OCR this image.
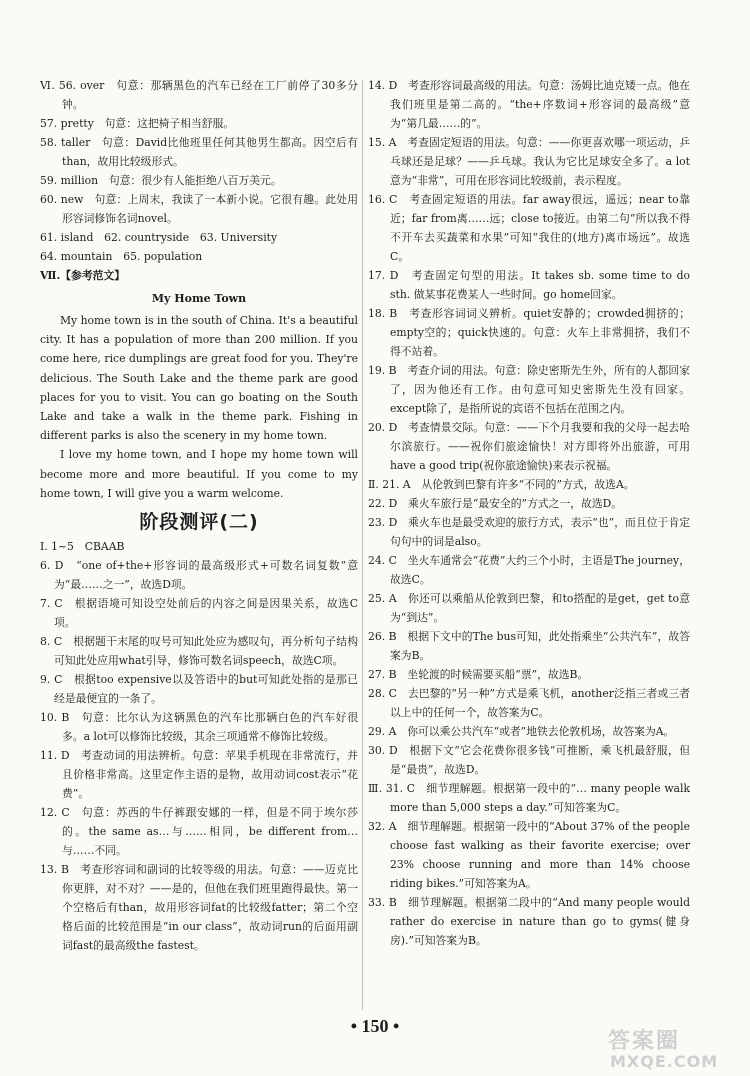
Ⅵ. 56. over　句意：那辆黑色的汽车已经在工厂前停了30多分钟。

57. pretty　句意：这把椅子相当舒服。

58. taller　句意：David比他班里任何其他男生都高。因空后有than，故用比较级形式。

59. million　句意：很少有人能拒绝八百万美元。

60. new　句意：上周末，我读了一本新小说。它很有趣。此处用形容词修饰名词novel。

61. island　62. countryside　63. University

64. mountain　65. population

Ⅶ.【参考范文】

My Home Town

My home town is in the south of China. It's a beautiful city. It has a population of more than 200 million. If you come here, rice dumplings are great food for you. They're delicious. The South Lake and the theme park are good places for you to visit. You can go boating on the South Lake and take a walk in the theme park. Fishing in different parks is also the scenery in my home town.

I love my home town, and I hope my home town will become more and more beautiful. If you come to my home town, I will give you a warm welcome.

阶段测评(二)

Ⅰ. 1~5　CBAAB

6. D　“one of+the+形容词的最高级形式+可数名词复数”意为“最……之一”，故选D项。

7. C　根据语境可知设空处前后的内容之间是因果关系，故选C项。

8. C　根据题干末尾的叹号可知此处应为感叹句，再分析句子结构可知此处应用what引导，修饰可数名词speech，故选C项。

9. C　根据too expensive以及答语中的but可知此处指的是那已经是最便宜的一条了。

10. B　句意：比尔认为这辆黑色的汽车比那辆白色的汽车好很多。a lot可以修饰比较级，其余三项通常不修饰比较级。

11. D　考查动词的用法辨析。句意：苹果手机现在非常流行，并且价格非常高。这里定作主语的是物，故用动词cost表示“花费”。

12. C　句意：苏西的牛仔裤跟安娜的一样，但是不同于埃尔莎的。the same as…与……相同，be different from…与……不同。

13. B　考查形容词和副词的比较等级的用法。句意：——迈克比你更胖，对不对？——是的，但他在我们班里跑得最快。第一个空格后有than，故用形容词fat的比较级fatter；第二个空格后面的比较范围是“in our class”，故动词run的后面用副词fast的最高级the fastest。

14. D　考查形容词最高级的用法。句意：汤姆比迪克矮一点。他在我们班里是第二高的。“the+序数词+形容词的最高级”意为“第几最……的”。

15. A　考查固定短语的用法。句意：——你更喜欢哪一项运动，乒乓球还是足球？——乒乓球。我认为它比足球安全多了。a lot意为“非常”，可用在形容词比较级前，表示程度。

16. C　考查固定短语的用法。far away很远，遥远；near to靠近；far from离……远；close to接近。由第二句“所以我不得不开车去买蔬菜和水果”可知“我住的(地方)离市场远”。故选C。

17. D　考查固定句型的用法。It takes sb. some time to do sth. 做某事花费某人一些时间。go home回家。

18. B　考查形容词词义辨析。quiet安静的；crowded拥挤的；empty空的；quick快速的。句意：火车上非常拥挤，我们不得不站着。

19. B　考查介词的用法。句意：除史密斯先生外，所有的人都回家了，因为他还有工作。由句意可知史密斯先生没有回家。except除了，是指所说的宾语不包括在范围之内。

20. D　考查情景交际。句意：——下个月我要和我的父母一起去哈尔滨旅行。——祝你们旅途愉快！对方即将外出旅游，可用have a good trip(祝你旅途愉快)来表示祝福。

Ⅱ. 21. A　从伦敦到巴黎有许多“不同的”方式，故选A。

22. D　乘火车旅行是“最安全的”方式之一，故选D。

23. D　乘火车也是最受欢迎的旅行方式，表示“也”，而且位于肯定句句中的词是also。

24. C　坐火车通常会“花费”大约三个小时，主语是The journey，故选C。

25. A　你还可以乘船从伦敦到巴黎，和to搭配的是get，get to意为“到达”。

26. B　根据下文中的The bus可知，此处指乘坐“公共汽车”，故答案为B。

27. B　坐轮渡的时候需要买船“票”，故选B。

28. C　去巴黎的“另一种”方式是乘飞机，another泛指三者或三者以上中的任何一个，故答案为C。

29. A　你可以乘公共汽车“或者”地铁去伦敦机场，故答案为A。

30. D　根据下文“它会花费你很多钱”可推断，乘飞机最舒服，但是“最贵”，故选D。

Ⅲ. 31. C　细节理解题。根据第一段中的“… many people walk more than 5,000 steps a day.”可知答案为C。

32. A　细节理解题。根据第一段中的“About 37% of the people choose fast walking as their favorite exercise; over 23% choose running and more than 14% choose riding bikes.”可知答案为A。

33. B　细节理解题。根据第二段中的“And many people would rather do exercise in nature than go to gyms(健身房).”可知答案为B。

• 150 •
答案圈
MXQE.COM
